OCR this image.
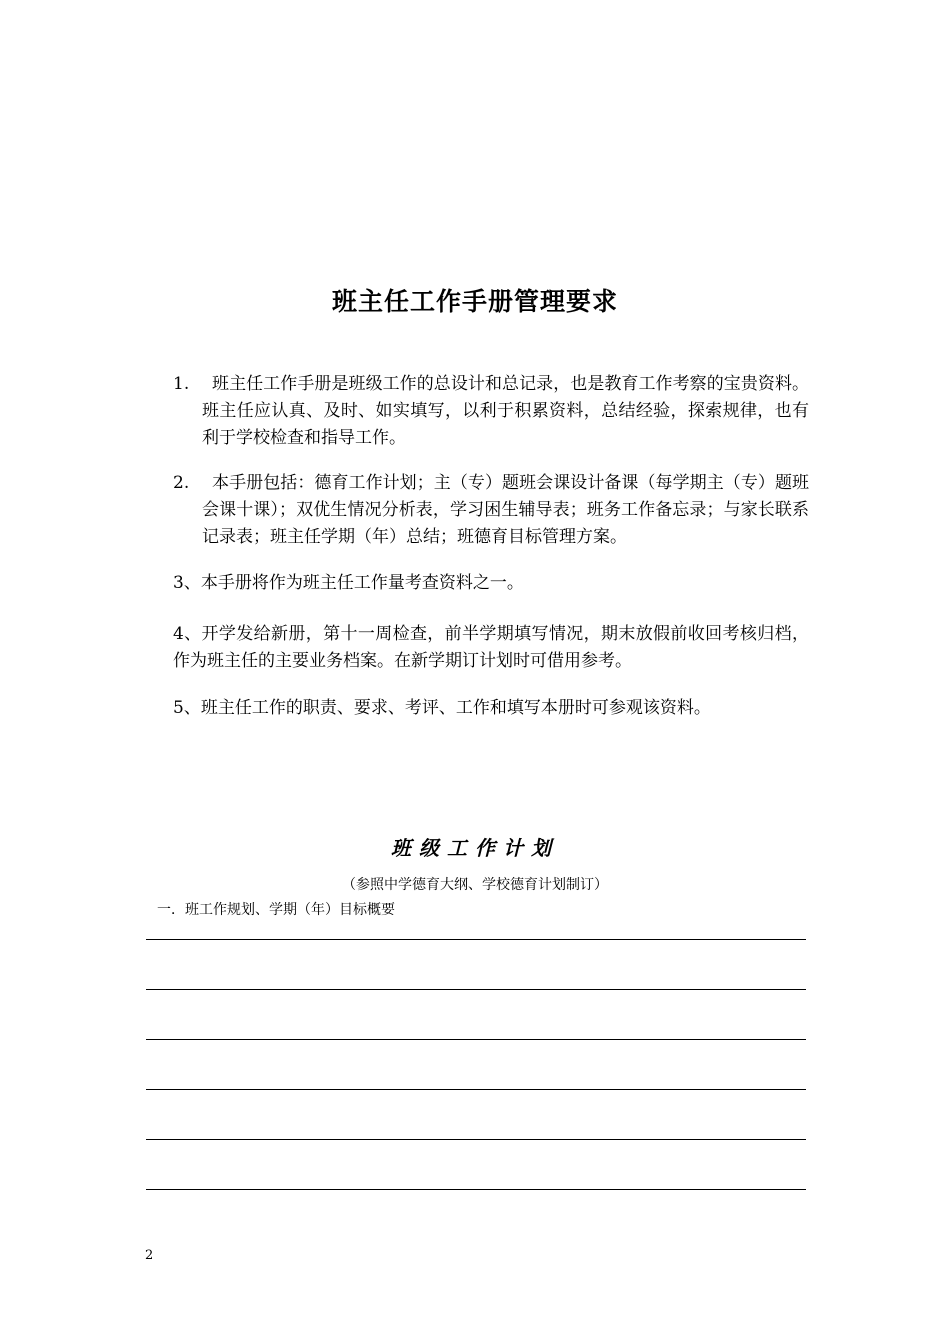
班主任工作手册管理要求
1. 班主任工作手册是班级工作的总设计和总记录，也是教育工作考察的宝贵资料。班主任应认真、及时、如实填写，以利于积累资料，总结经验，探索规律，也有利于学校检查和指导工作。
2. 本手册包括：德育工作计划；主（专）题班会课设计备课（每学期主（专）题班会课十课）；双优生情况分析表，学习困生辅导表；班务工作备忘录；与家长联系记录表；班主任学期（年）总结；班德育目标管理方案。
3、本手册将作为班主任工作量考查资料之一。
4、开学发给新册，第十一周检查，前半学期填写情况，期末放假前收回考核归档，作为班主任的主要业务档案。在新学期订计划时可借用参考。
5、班主任工作的职责、要求、考评、工作和填写本册时可参观该资料。
班级工作计划
（参照中学德育大纲、学校德育计划制订）
一．班工作规划、学期（年）目标概要
2
